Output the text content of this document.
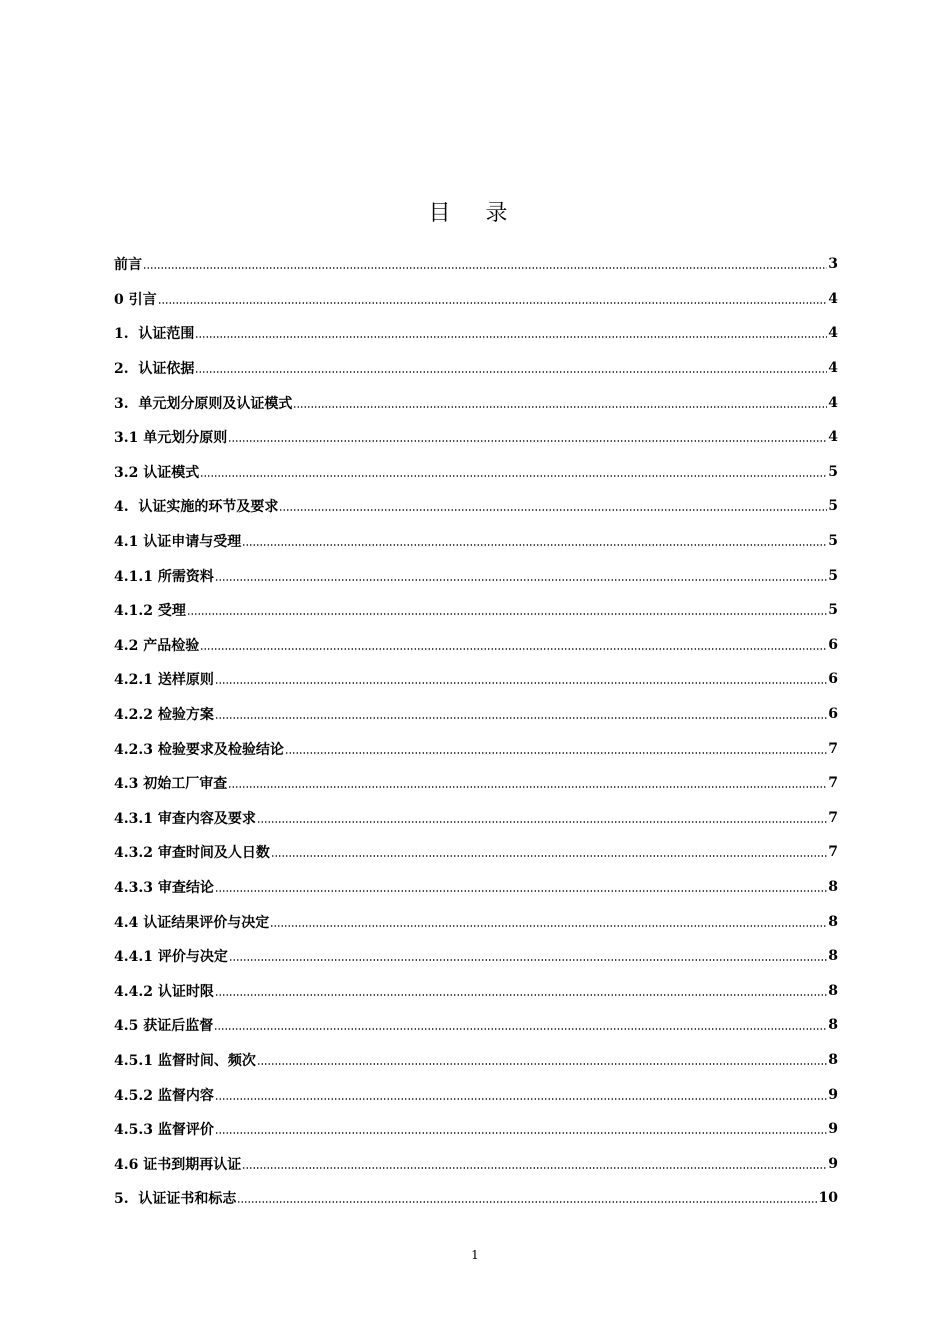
目 录
前言	3
0 引言	4
1.  认证范围	4
2.  认证依据	4
3.  单元划分原则及认证模式	4
3.1 单元划分原则	4
3.2 认证模式	5
4.  认证实施的环节及要求	5
4.1 认证申请与受理	5
4.1.1 所需资料	5
4.1.2 受理	5
4.2 产品检验	6
4.2.1 送样原则	6
4.2.2 检验方案	6
4.2.3 检验要求及检验结论	7
4.3 初始工厂审查	7
4.3.1 审查内容及要求	7
4.3.2 审查时间及人日数	7
4.3.3 审查结论	8
4.4 认证结果评价与决定	8
4.4.1 评价与决定	8
4.4.2 认证时限	8
4.5 获证后监督	8
4.5.1 监督时间、频次	8
4.5.2 监督内容	9
4.5.3 监督评价	9
4.6 证书到期再认证	9
5.  认证证书和标志	10
1
